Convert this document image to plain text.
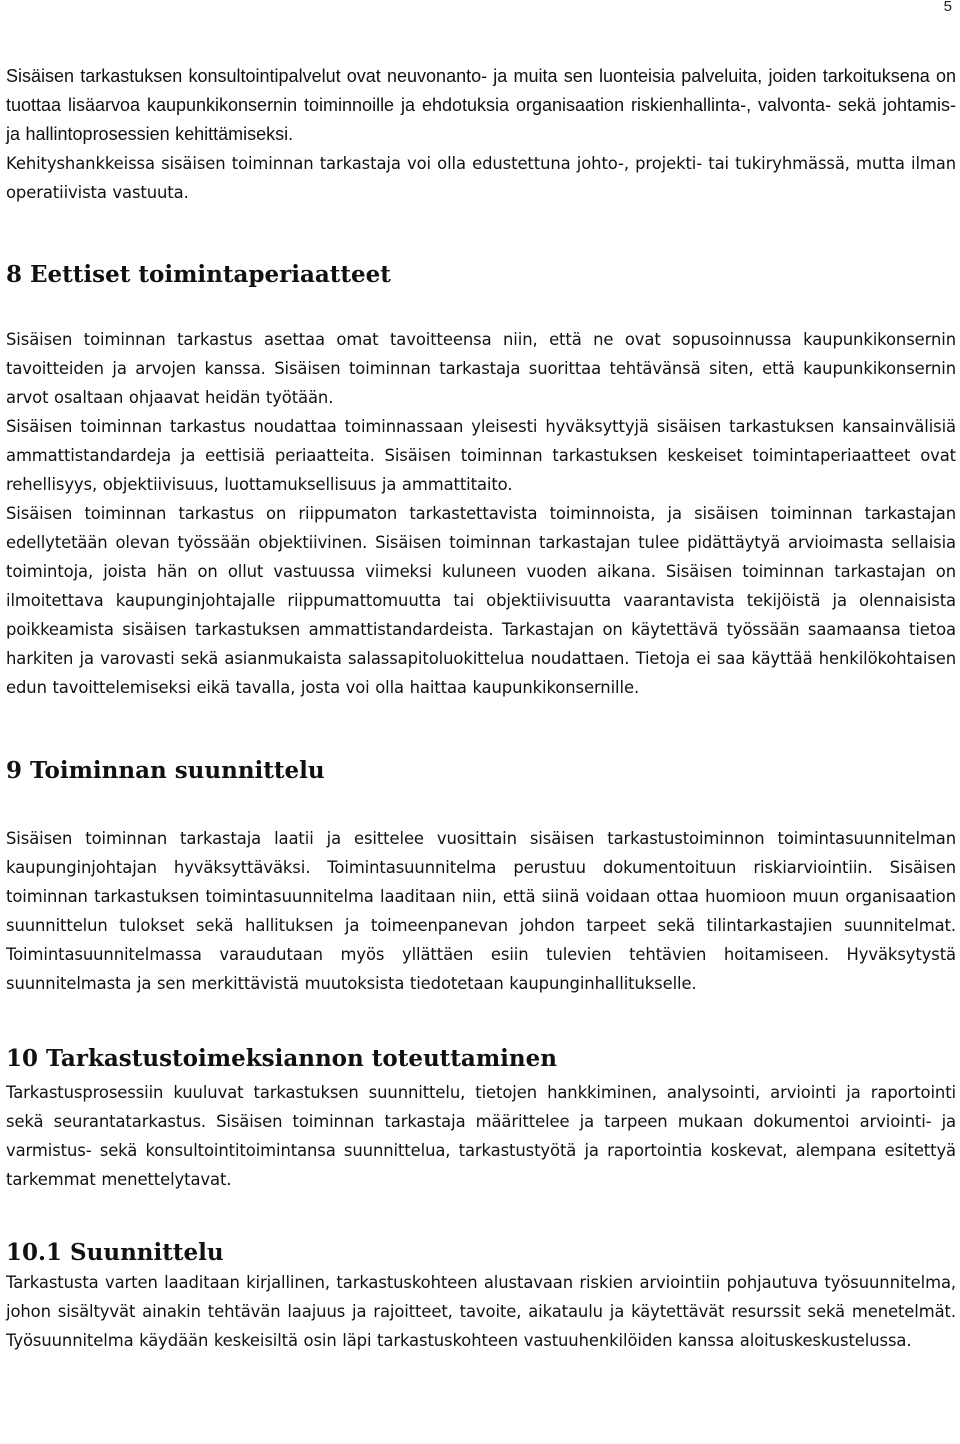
5

Sisäisen tarkastuksen konsultointipalvelut ovat neuvonanto- ja muita sen luonteisia palveluita, joiden tarkoituksena on tuottaa lisäarvoa kaupunkikonsernin toiminnoille ja ehdotuksia organisaation riskienhallinta-, valvonta- sekä johtamis- ja hallintoprosessien kehittämiseksi.

Kehityshankkeissa sisäisen toiminnan tarkastaja voi olla edustettuna johto-, projekti- tai tukiryhmässä, mutta ilman operatiivista vastuuta.

8 Eettiset toimintaperiaatteet

Sisäisen toiminnan tarkastus asettaa omat tavoitteensa niin, että ne ovat sopusoinnussa kaupunkikonsernin tavoitteiden ja arvojen kanssa. Sisäisen toiminnan tarkastaja suorittaa tehtävänsä siten, että kaupunkikonsernin arvot osaltaan ohjaavat heidän työtään.

Sisäisen toiminnan tarkastus noudattaa toiminnassaan yleisesti hyväksyttyjä sisäisen tarkastuksen kansainvälisiä ammattistandardeja ja eettisiä periaatteita. Sisäisen toiminnan tarkastuksen keskeiset toimintaperiaatteet ovat rehellisyys, objektiivisuus, luottamuksellisuus ja ammattitaito.

Sisäisen toiminnan tarkastus on riippumaton tarkastettavista toiminnoista, ja sisäisen toiminnan tarkastajan edellytetään olevan työssään objektiivinen. Sisäisen toiminnan tarkastajan tulee pidättäytyä arvioimasta sellaisia toimintoja, joista hän on ollut vastuussa viimeksi kuluneen vuoden aikana. Sisäisen toiminnan tarkastajan on ilmoitettava kaupunginjohtajalle riippumattomuutta tai objektiivisuutta vaarantavista tekijöistä ja olennaisista poikkeamista sisäisen tarkastuksen ammattistandardeista. Tarkastajan on käytettävä työssään saamaansa tietoa harkiten ja varovasti sekä asianmukaista salassapitoluokittelua noudattaen. Tietoja ei saa käyttää henkilökohtaisen edun tavoittelemiseksi eikä tavalla, josta voi olla haittaa kaupunkikonsernille.

9 Toiminnan suunnittelu

Sisäisen toiminnan tarkastaja laatii ja esittelee vuosittain sisäisen tarkastustoiminnon toimintasuunnitelman kaupunginjohtajan hyväksyttäväksi. Toimintasuunnitelma perustuu dokumentoituun riskiarviointiin. Sisäisen toiminnan tarkastuksen toimintasuunnitelma laaditaan niin, että siinä voidaan ottaa huomioon muun organisaation suunnittelun tulokset sekä hallituksen ja toimeenpanevan johdon tarpeet sekä tilintarkastajien suunnitelmat. Toimintasuunnitelmassa varaudutaan myös yllättäen esiin tulevien tehtävien hoitamiseen. Hyväksytystä suunnitelmasta ja sen merkittävistä muutoksista tiedotetaan kaupunginhallitukselle.

10 Tarkastustoimeksiannon toteuttaminen

Tarkastusprosessiin kuuluvat tarkastuksen suunnittelu, tietojen hankkiminen, analysointi, arviointi ja raportointi sekä seurantatarkastus. Sisäisen toiminnan tarkastaja määrittelee ja tarpeen mukaan dokumentoi arviointi- ja varmistus- sekä konsultointitoimintansa suunnittelua, tarkastustyötä ja raportointia koskevat, alempana esitettyä tarkemmat menettelytavat.

10.1 Suunnittelu

Tarkastusta varten laaditaan kirjallinen, tarkastuskohteen alustavaan riskien arviointiin pohjautuva työsuunnitelma, johon sisältyvät ainakin tehtävän laajuus ja rajoitteet, tavoite, aikataulu ja käytettävät resurssit sekä menetelmät. Työsuunnitelma käydään keskeisiltä osin läpi tarkastuskohteen vastuuhenkilöiden kanssa aloituskeskustelussa.
